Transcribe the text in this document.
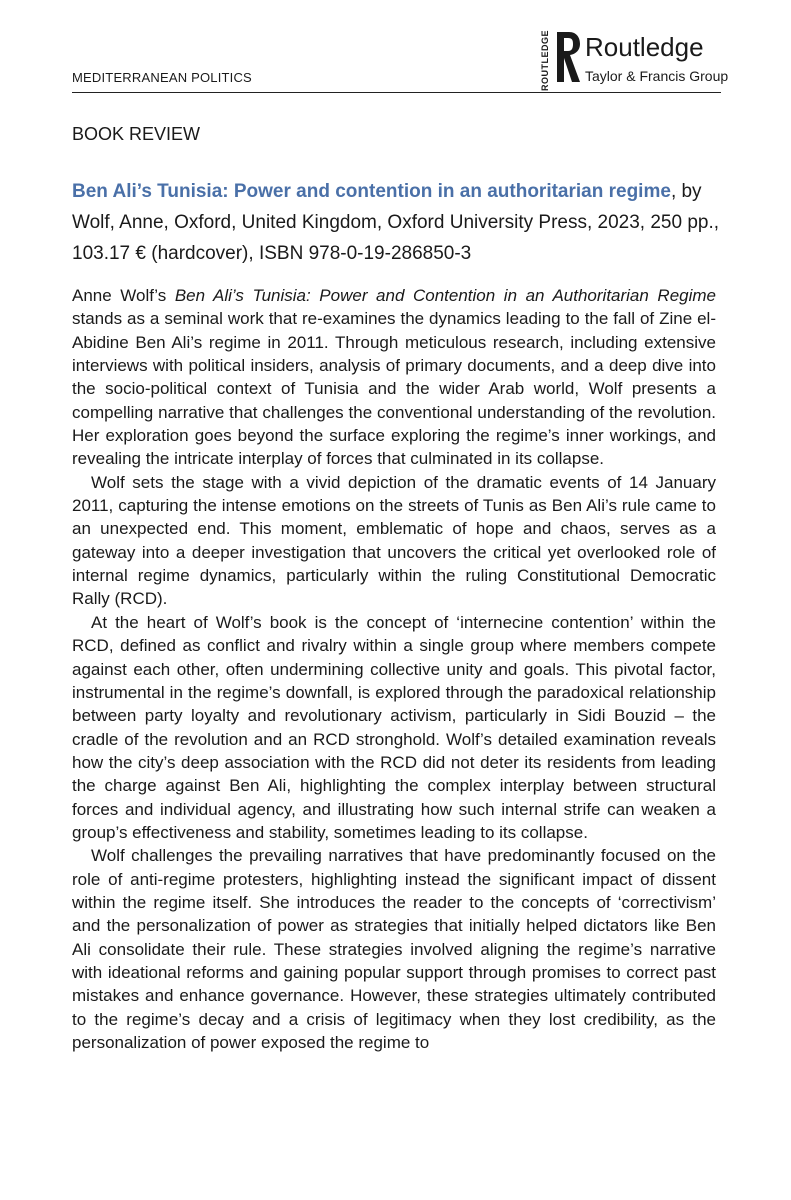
MEDITERRANEAN POLITICS	ROUTLEDGE Routledge
Taylor & Francis Group
BOOK REVIEW
Ben Ali’s Tunisia: Power and contention in an authoritarian regime, by Wolf, Anne, Oxford, United Kingdom, Oxford University Press, 2023, 250 pp., 103.17 € (hardcover), ISBN 978-0-19-286850-3

Anne Wolf’s Ben Ali’s Tunisia: Power and Contention in an Authoritarian Regime stands as a seminal work that re-examines the dynamics leading to the fall of Zine el-Abidine Ben Ali’s regime in 2011. Through meticulous research, including extensive interviews with political insiders, analysis of primary documents, and a deep dive into the socio-political context of Tunisia and the wider Arab world, Wolf presents a compelling narrative that challenges the conventional understanding of the revolution. Her exploration goes beyond the surface exploring the regime’s inner workings, and revealing the intricate interplay of forces that culminated in its collapse.

Wolf sets the stage with a vivid depiction of the dramatic events of 14 January 2011, capturing the intense emotions on the streets of Tunis as Ben Ali’s rule came to an unexpected end. This moment, emblematic of hope and chaos, serves as a gateway into a deeper investigation that uncovers the critical yet overlooked role of internal regime dynamics, particularly within the ruling Constitutional Democratic Rally (RCD).

At the heart of Wolf’s book is the concept of ‘internecine contention’ within the RCD, defined as conflict and rivalry within a single group where members compete against each other, often undermining collective unity and goals. This pivotal factor, instrumental in the regime’s downfall, is explored through the paradoxical relationship between party loyalty and revolutionary activism, particularly in Sidi Bouzid – the cradle of the revolution and an RCD stronghold. Wolf’s detailed examination reveals how the city’s deep association with the RCD did not deter its residents from leading the charge against Ben Ali, highlighting the complex interplay between structural forces and individual agency, and illustrating how such internal strife can weaken a group’s effectiveness and stability, sometimes leading to its collapse.

Wolf challenges the prevailing narratives that have predominantly focused on the role of anti-regime protesters, highlighting instead the significant impact of dissent within the regime itself. She introduces the reader to the concepts of ‘correctivism’ and the personalization of power as strategies that initially helped dictators like Ben Ali consolidate their rule. These strategies involved aligning the regime’s narrative with ideational reforms and gaining popular support through promises to correct past mistakes and enhance governance. However, these strategies ultimately contributed to the regime’s decay and a crisis of legitimacy when they lost credibility, as the personalization of power exposed the regime to
